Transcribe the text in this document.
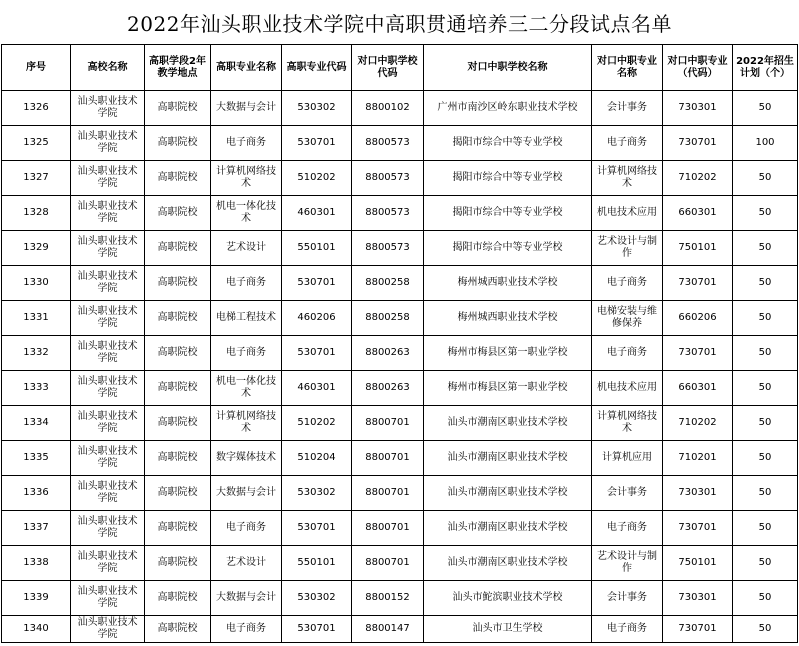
2022年汕头职业技术学院中高职贯通培养三二分段试点名单
序号	高校名称	高职学段2年教学地点	高职专业名称	高职专业代码	对口中职学校代码	对口中职学校名称	对口中职专业名称	对口中职专业（代码）	2022年招生计划（个）
1326	汕头职业技术学院	高职院校	大数据与会计	530302	8800102	广州市南沙区岭东职业技术学校	会计事务	730301	50
1325	汕头职业技术学院	高职院校	电子商务	530701	8800573	揭阳市综合中等专业学校	电子商务	730701	100
1327	汕头职业技术学院	高职院校	计算机网络技术	510202	8800573	揭阳市综合中等专业学校	计算机网络技术	710202	50
1328	汕头职业技术学院	高职院校	机电一体化技术	460301	8800573	揭阳市综合中等专业学校	机电技术应用	660301	50
1329	汕头职业技术学院	高职院校	艺术设计	550101	8800573	揭阳市综合中等专业学校	艺术设计与制作	750101	50
1330	汕头职业技术学院	高职院校	电子商务	530701	8800258	梅州城西职业技术学校	电子商务	730701	50
1331	汕头职业技术学院	高职院校	电梯工程技术	460206	8800258	梅州城西职业技术学校	电梯安装与维修保养	660206	50
1332	汕头职业技术学院	高职院校	电子商务	530701	8800263	梅州市梅县区第一职业学校	电子商务	730701	50
1333	汕头职业技术学院	高职院校	机电一体化技术	460301	8800263	梅州市梅县区第一职业学校	机电技术应用	660301	50
1334	汕头职业技术学院	高职院校	计算机网络技术	510202	8800701	汕头市潮南区职业技术学校	计算机网络技术	710202	50
1335	汕头职业技术学院	高职院校	数字媒体技术	510204	8800701	汕头市潮南区职业技术学校	计算机应用	710201	50
1336	汕头职业技术学院	高职院校	大数据与会计	530302	8800701	汕头市潮南区职业技术学校	会计事务	730301	50
1337	汕头职业技术学院	高职院校	电子商务	530701	8800701	汕头市潮南区职业技术学校	电子商务	730701	50
1338	汕头职业技术学院	高职院校	艺术设计	550101	8800701	汕头市潮南区职业技术学校	艺术设计与制作	750101	50
1339	汕头职业技术学院	高职院校	大数据与会计	530302	8800152	汕头市鮀滨职业技术学校	会计事务	730301	50
1340	汕头职业技术学院	高职院校	电子商务	530701	8800147	汕头市卫生学校	电子商务	730701	50
